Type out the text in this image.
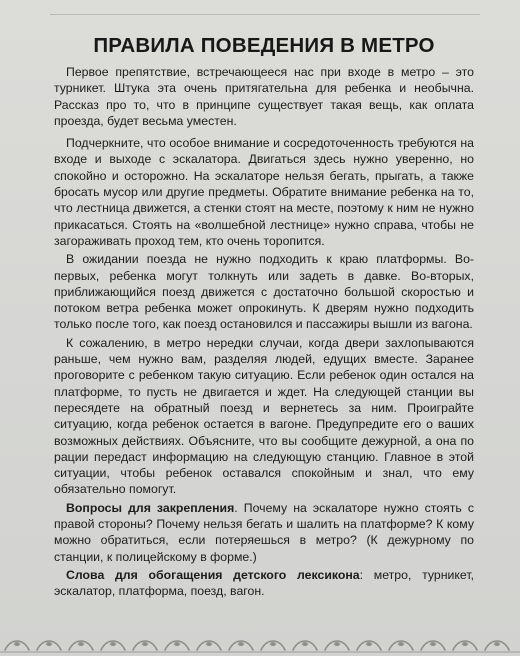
ПРАВИЛА ПОВЕДЕНИЯ В МЕТРО

Первое препятствие, встречающееся нас при входе в метро – это турникет. Штука эта очень притягательна для ребенка и необычна. Рассказ про то, что в принципе существует такая вещь, как оплата проезда, будет весьма уместен.

Подчеркните, что особое внимание и сосредоточенность требуются на входе и выходе с эскалатора. Двигаться здесь нужно уверенно, но спокойно и осторожно. На эскалаторе нельзя бегать, прыгать, а также бросать мусор или другие предметы. Обратите внимание ребенка на то, что лестница движется, а стенки стоят на месте, поэтому к ним не нужно прикасаться. Стоять на «волшебной лестнице» нужно справа, чтобы не загораживать проход тем, кто очень торопится.

В ожидании поезда не нужно подходить к краю платформы. Во-первых, ребенка могут толкнуть или задеть в давке. Во-вторых, приближающийся поезд движется с достаточно большой скоростью и потоком ветра ребенка может опрокинуть. К дверям нужно подходить только после того, как поезд остановился и пассажиры вышли из вагона.

К сожалению, в метро нередки случаи, когда двери захлопываются раньше, чем нужно вам, разделяя людей, едущих вместе. Заранее проговорите с ребенком такую ситуацию. Если ребенок один остался на платформе, то пусть не двигается и ждет. На следующей станции вы пересядете на обратный поезд и вернетесь за ним. Проиграйте ситуацию, когда ребенок остается в вагоне. Предупредите его о ваших возможных действиях. Объясните, что вы сообщите дежурной, а она по рации передаст информацию на следующую станцию. Главное в этой ситуации, чтобы ребенок оставался спокойным и знал, что ему обязательно помогут.

Вопросы для закрепления. Почему на эскалаторе нужно стоять с правой стороны? Почему нельзя бегать и шалить на платформе? К кому можно обратиться, если потеряешься в метро? (К дежурному по станции, к полицейскому в форме.)

Слова для обогащения детского лексикона: метро, турникет, эскалатор, платформа, поезд, вагон.
